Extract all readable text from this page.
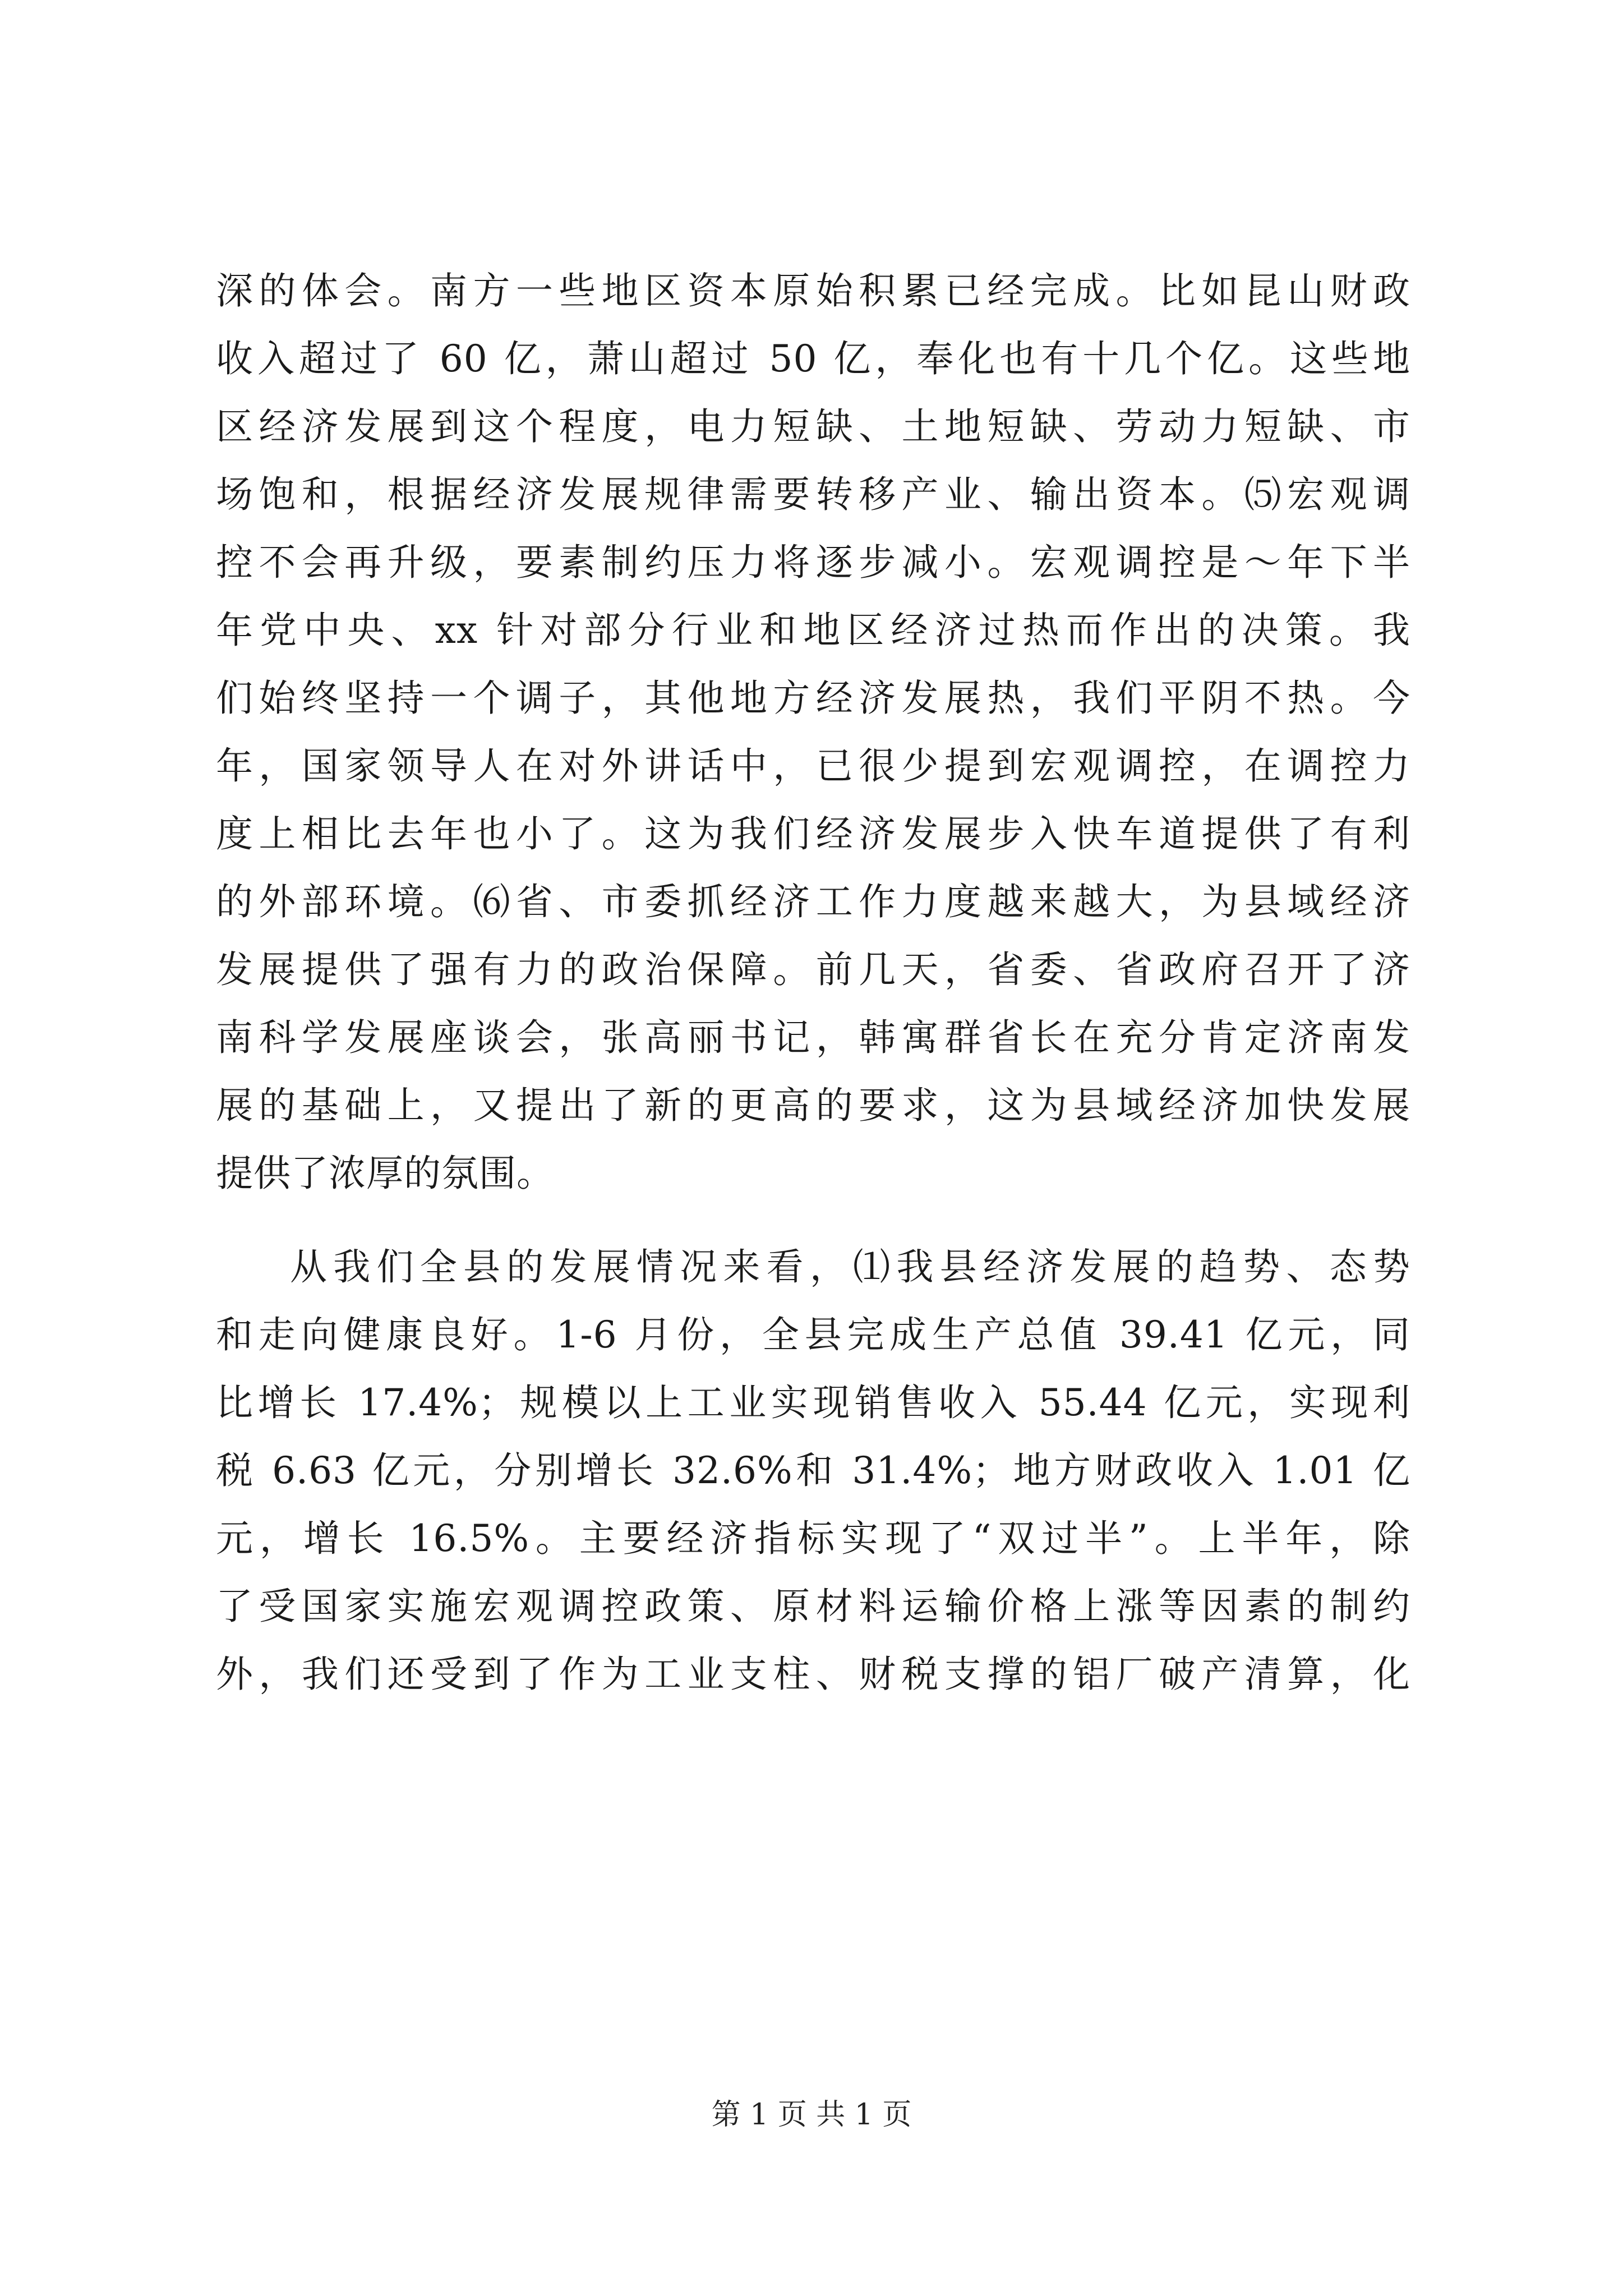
深的体会。南方一些地区资本原始积累已经完成。比如昆山财政
收入超过了 60 亿，萧山超过 50 亿，奉化也有十几个亿。这些地
区经济发展到这个程度，电力短缺、土地短缺、劳动力短缺、市
场饱和，根据经济发展规律需要转移产业、输出资本。⑸宏观调
控不会再升级，要素制约压力将逐步减小。宏观调控是～年下半
年党中央、xx 针对部分行业和地区经济过热而作出的决策。我
们始终坚持一个调子，其他地方经济发展热，我们平阴不热。今
年，国家领导人在对外讲话中，已很少提到宏观调控，在调控力
度上相比去年也小了。这为我们经济发展步入快车道提供了有利
的外部环境。⑹省、市委抓经济工作力度越来越大，为县域经济
发展提供了强有力的政治保障。前几天，省委、省政府召开了济
南科学发展座谈会，张高丽书记，韩寓群省长在充分肯定济南发
展的基础上，又提出了新的更高的要求，这为县域经济加快发展
提供了浓厚的氛围。
从我们全县的发展情况来看，⑴我县经济发展的趋势、态势
和走向健康良好。1-6 月份，全县完成生产总值 39.41 亿元，同
比增长 17.4%；规模以上工业实现销售收入 55.44 亿元，实现利
税 6.63 亿元，分别增长 32.6%和 31.4%；地方财政收入 1.01 亿
元，增长 16.5%。主要经济指标实现了“双过半”。上半年，除
了受国家实施宏观调控政策、原材料运输价格上涨等因素的制约
外，我们还受到了作为工业支柱、财税支撑的铝厂破产清算，化
第 1 页 共 1 页
